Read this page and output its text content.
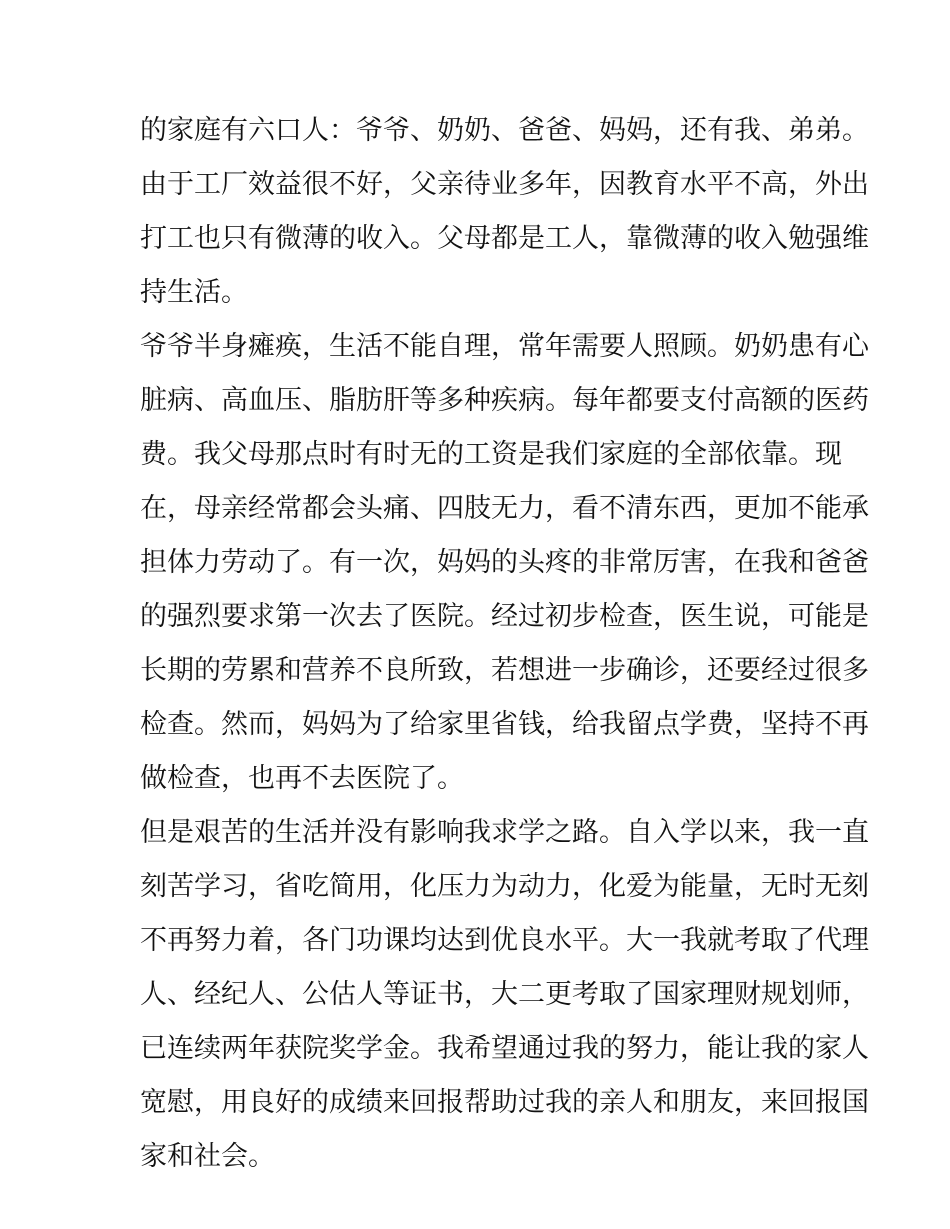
的家庭有六口人：爷爷、奶奶、爸爸、妈妈，还有我、弟弟。
由于工厂效益很不好，父亲待业多年，因教育水平不高，外出
打工也只有微薄的收入。父母都是工人，靠微薄的收入勉强维
持生活。
爷爷半身瘫痪，生活不能自理，常年需要人照顾。奶奶患有心
脏病、高血压、脂肪肝等多种疾病。每年都要支付高额的医药
费。我父母那点时有时无的工资是我们家庭的全部依靠。现
在，母亲经常都会头痛、四肢无力，看不清东西，更加不能承
担体力劳动了。有一次，妈妈的头疼的非常厉害，在我和爸爸
的强烈要求第一次去了医院。经过初步检查，医生说，可能是
长期的劳累和营养不良所致，若想进一步确诊，还要经过很多
检查。然而，妈妈为了给家里省钱，给我留点学费，坚持不再
做检查，也再不去医院了。
但是艰苦的生活并没有影响我求学之路。自入学以来，我一直
刻苦学习，省吃简用，化压力为动力，化爱为能量，无时无刻
不再努力着，各门功课均达到优良水平。大一我就考取了代理
人、经纪人、公估人等证书，大二更考取了国家理财规划师，
已连续两年获院奖学金。我希望通过我的努力，能让我的家人
宽慰，用良好的成绩来回报帮助过我的亲人和朋友，来回报国
家和社会。
